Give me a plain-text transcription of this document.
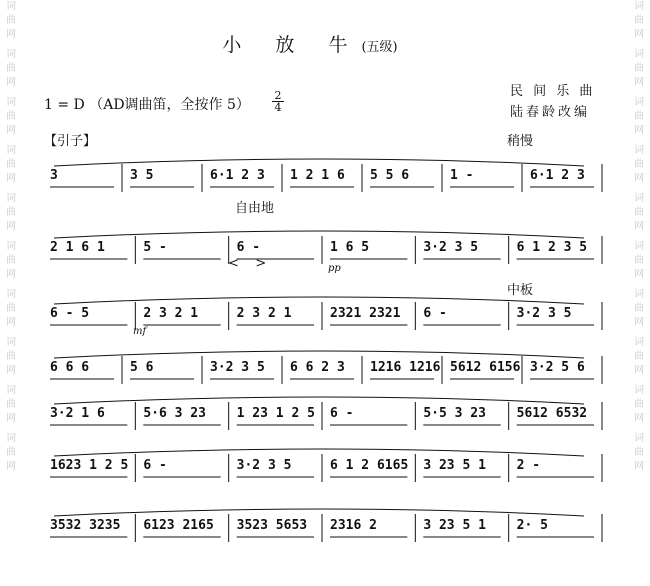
词曲网
词曲网
词曲网
词曲网
词曲网
词曲网
词曲网
词曲网
词曲网
词曲网
词曲网
词曲网
词曲网
词曲网
词曲网
词曲网
词曲网
词曲网
词曲网
词曲网
小 放 牛(五级)
民 间 乐 曲
陆春龄改编
1 = D （AD调曲笛，全按作 $5) \frac{2}{4}$
【引子】	稍慢
自由地
中板
pp
mf
<    >
3	3 5	6·1 2 3 1 2 1 6 5 5 6	1 -	6·1 2 3
2 1 6 1	5 -	6 -	1 6 5	3·2 3 5	6 1 2 3 5
6 - 5	2 3 2 1	2 3 2 1	2321 2321 6 -	3·2 3 5
6 6 6	5 6	3·2 3 5 6 6 2 3 1216 1216 5612 6156 3·2 5 6
3·2 1 6	5·6 3 23 1 23 1 2 5 6 -	5·5 3 23 5612 6532
1623 1 2 5 6 -	3·2 3 5	6 1 2 6165 3 23 5 1 2 -
3532 3235 6123 2165 3523 5653 2316 2	3 23 5 1 2· 5
